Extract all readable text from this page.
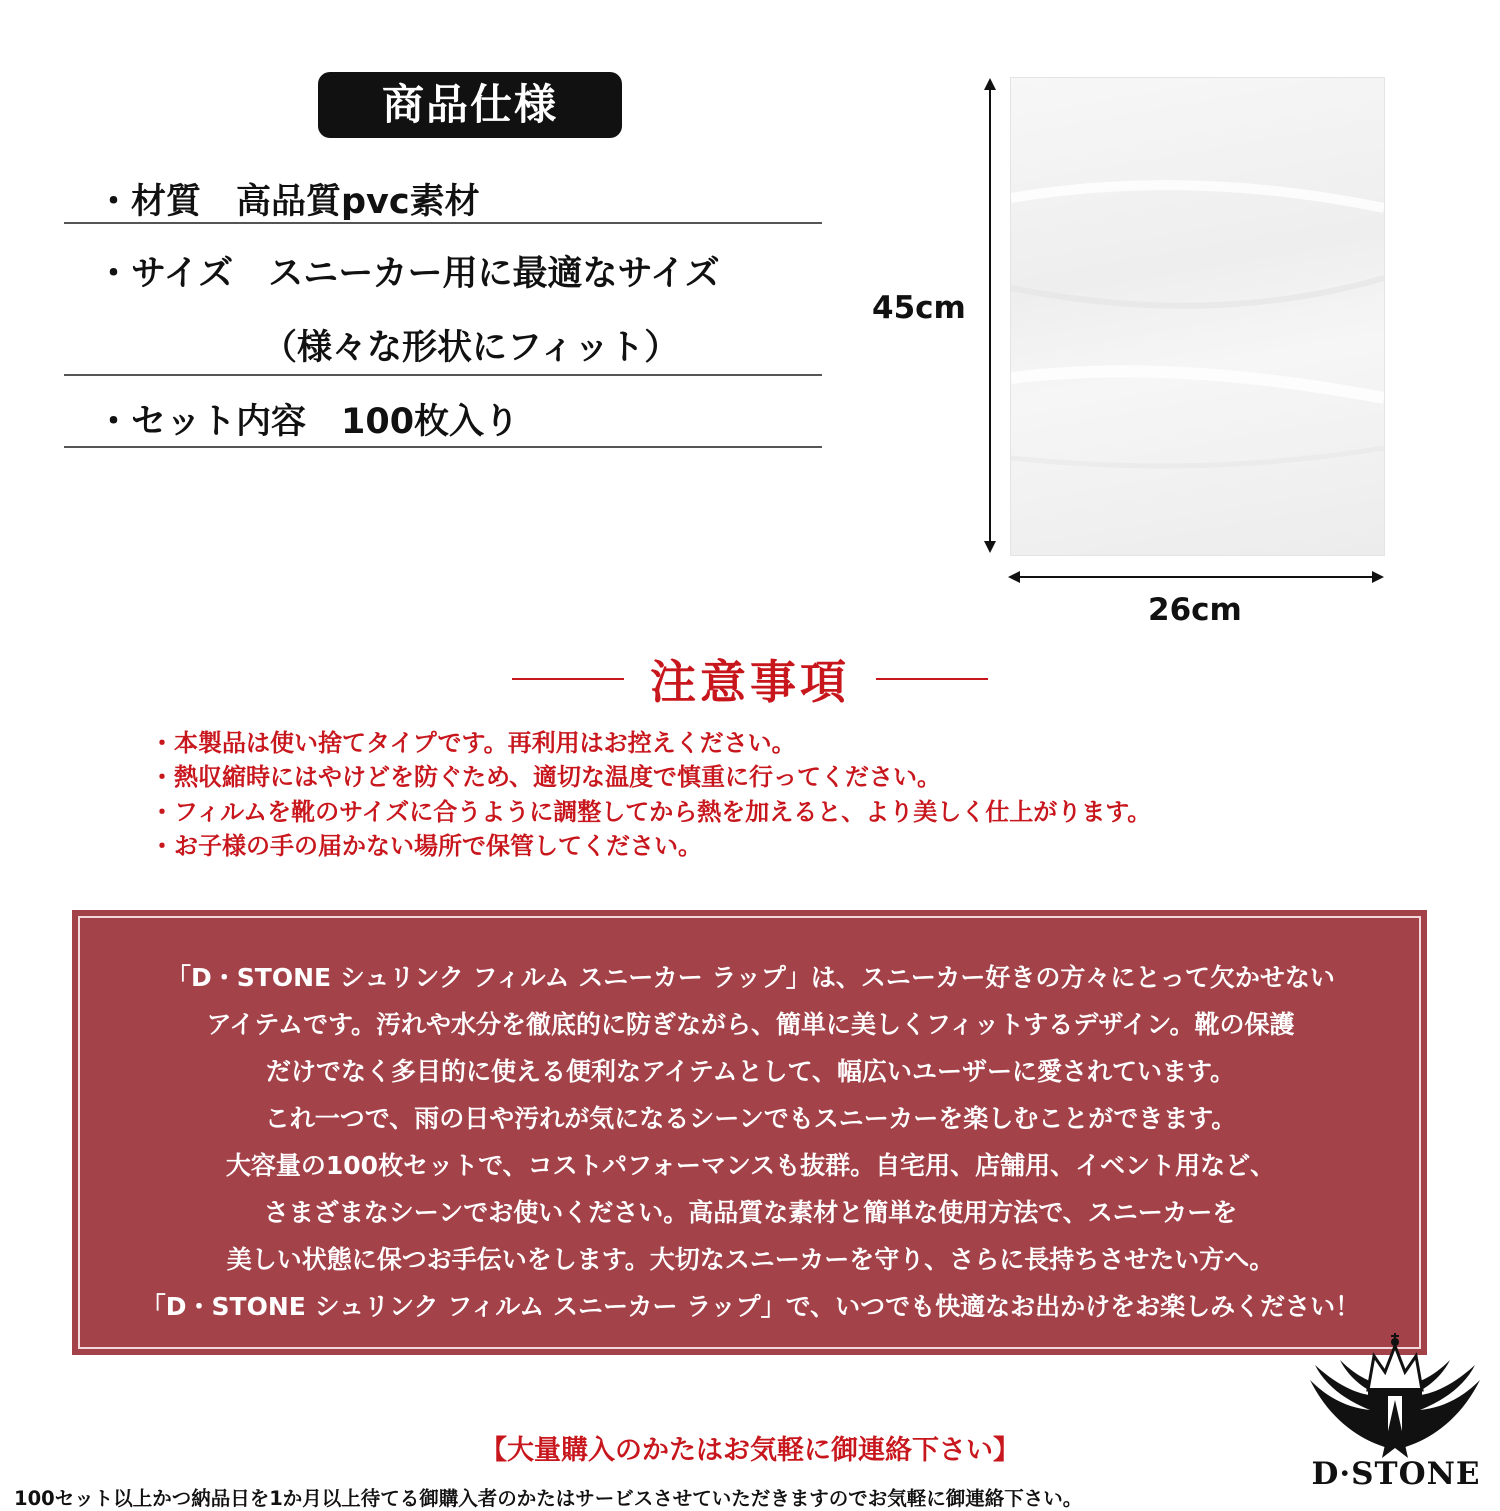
商品仕様
・材質　高品質pvc素材
・サイズ　スニーカー用に最適なサイズ
（様々な形状にフィット）
・セット内容　100枚入り
45cm
26cm
注意事項
・本製品は使い捨てタイプです。再利用はお控えください。
・熱収縮時にはやけどを防ぐため、適切な温度で慎重に行ってください。
・フィルムを靴のサイズに合うように調整してから熱を加えると、より美しく仕上がります。
・お子様の手の届かない場所で保管してください。
「D・STONE シュリンク フィルム スニーカー ラップ」は、スニーカー好きの方々にとって欠かせない
アイテムです。汚れや水分を徹底的に防ぎながら、簡単に美しくフィットするデザイン。靴の保護
だけでなく多目的に使える便利なアイテムとして、幅広いユーザーに愛されています。
これ一つで、雨の日や汚れが気になるシーンでもスニーカーを楽しむことができます。
大容量の100枚セットで、コストパフォーマンスも抜群。自宅用、店舗用、イベント用など、
さまざまなシーンでお使いください。高品質な素材と簡単な使用方法で、スニーカーを
美しい状態に保つお手伝いをします。大切なスニーカーを守り、さらに長持ちさせたい方へ。
「D・STONE シュリンク フィルム スニーカー ラップ」で、いつでも快適なお出かけをお楽しみください！
【大量購入のかたはお気軽に御連絡下さい】
100セット以上かつ納品日を1か月以上待てる御購入者のかたはサービスさせていただきますのでお気軽に御連絡下さい。
D·STONE
